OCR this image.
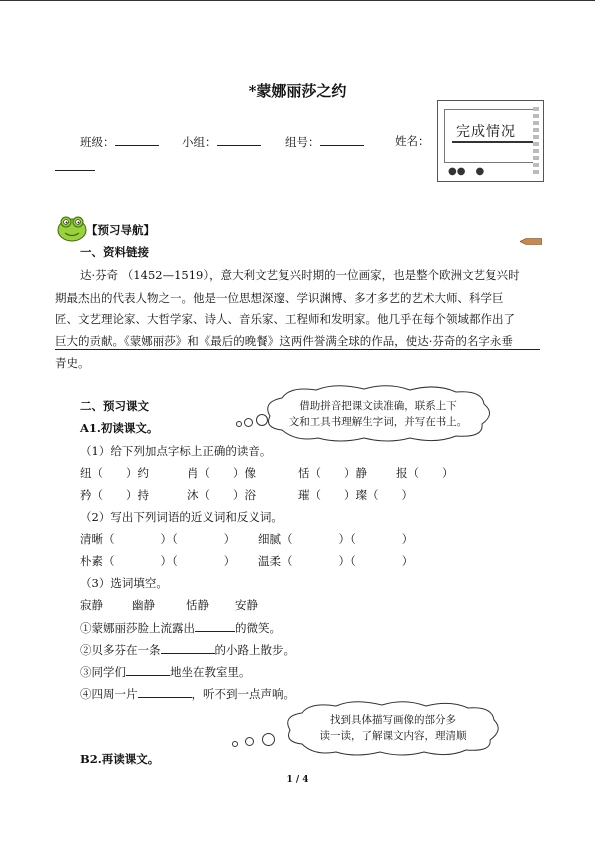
*蒙娜丽莎之约
班级：	小组：	组号：	姓名：
完成情况
●●　●
【预习导航】
一、资料链接
达·芬奇 （1452—1519），意大利文艺复兴时期的一位画家，也是整个欧洲文艺复兴时
期最杰出的代表人物之一。他是一位思想深邃、学识渊博、多才多艺的艺术大师、科学巨
匠、文艺理论家、大哲学家、诗人、音乐家、工程师和发明家。他几乎在每个领域都作出了
巨大的贡献。《蒙娜丽莎》和《最后的晚餐》这两件誉满全球的作品，使达·芬奇的名字永垂
青史。
二、预习课文
A1.初读课文。
借助拼音把课文读准确，联系上下
文和工具书理解生字词，并写在书上。
（1）给下列加点字标上正确的读音。
纽（　　）约	肖（　　）像	恬（　　）静	报（　　）
矜（　　）持	沐（　　）浴	璀（　　）璨（　　）
（2）写出下列词语的近义词和反义词。
清晰（　　　　）（　　　　） 细腻（　　　　）（　　　　）
朴素（　　　　）（　　　　） 温柔（　　　　）（　　　　）
（3）选词填空。
寂静	幽静	恬静 安静
①蒙娜丽莎脸上流露出	的微笑。
②贝多芬在一条	的小路上散步。
③同学们	地坐在教室里。
④四周一片	，听不到一点声响。
找到具体描写画像的部分多
读一读，了解课文内容，理清顺
B2.再读课文。
1 / 4
